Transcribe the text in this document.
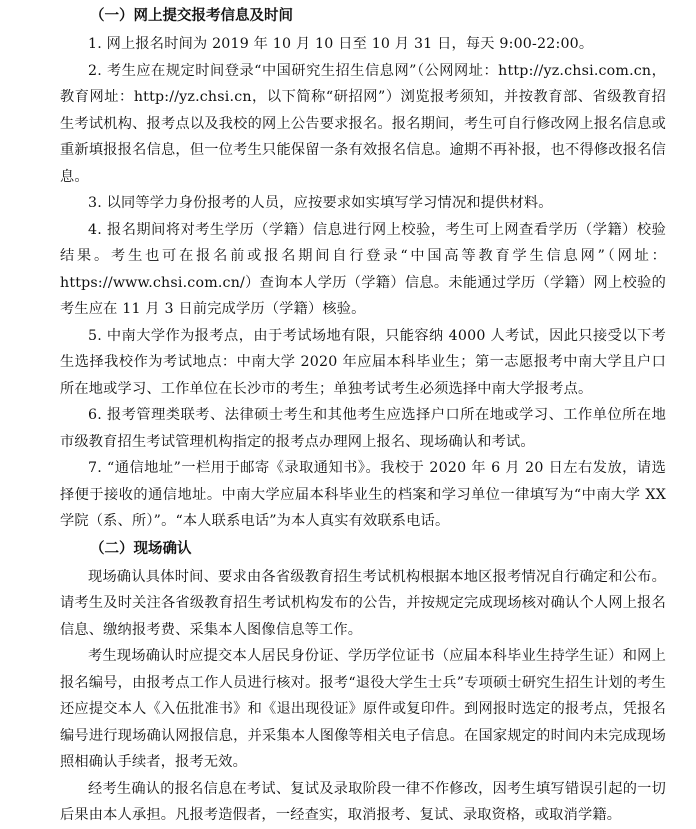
（一）网上提交报考信息及时间

1. 网上报名时间为 2019 年 10 月 10 日至 10 月 31 日，每天 9:00-22:00。

2. 考生应在规定时间登录“中国研究生招生信息网”（公网网址：http://yz.chsi.com.cn，教育网址：http://yz.chsi.cn，以下简称“研招网”）浏览报考须知，并按教育部、省级教育招生考试机构、报考点以及我校的网上公告要求报名。报名期间，考生可自行修改网上报名信息或重新填报报名信息，但一位考生只能保留一条有效报名信息。逾期不再补报，也不得修改报名信息。

3. 以同等学力身份报考的人员，应按要求如实填写学习情况和提供材料。

4. 报名期间将对考生学历（学籍）信息进行网上校验，考生可上网查看学历（学籍）校验结果。考生也可在报名前或报名期间自行登录“中国高等教育学生信息网”（网址：https://www.chsi.com.cn/）查询本人学历（学籍）信息。未能通过学历（学籍）网上校验的考生应在 11 月 3 日前完成学历（学籍）核验。

5. 中南大学作为报考点，由于考试场地有限，只能容纳 4000 人考试，因此只接受以下考生选择我校作为考试地点：中南大学 2020 年应届本科毕业生；第一志愿报考中南大学且户口所在地或学习、工作单位在长沙市的考生；单独考试考生必须选择中南大学报考点。

6. 报考管理类联考、法律硕士考生和其他考生应选择户口所在地或学习、工作单位所在地市级教育招生考试管理机构指定的报考点办理网上报名、现场确认和考试。

7. “通信地址”一栏用于邮寄《录取通知书》。我校于 2020 年 6 月 20 日左右发放，请选择便于接收的通信地址。中南大学应届本科毕业生的档案和学习单位一律填写为“中南大学 XX 学院（系、所）”。“本人联系电话”为本人真实有效联系电话。

（二）现场确认

现场确认具体时间、要求由各省级教育招生考试机构根据本地区报考情况自行确定和公布。请考生及时关注各省级教育招生考试机构发布的公告，并按规定完成现场核对确认个人网上报名信息、缴纳报考费、采集本人图像信息等工作。

考生现场确认时应提交本人居民身份证、学历学位证书（应届本科毕业生持学生证）和网上报名编号，由报考点工作人员进行核对。报考“退役大学生士兵”专项硕士研究生招生计划的考生还应提交本人《入伍批准书》和《退出现役证》原件或复印件。到网报时选定的报考点，凭报名编号进行现场确认网报信息，并采集本人图像等相关电子信息。在国家规定的时间内未完成现场照相确认手续者，报考无效。

经考生确认的报名信息在考试、复试及录取阶段一律不作修改，因考生填写错误引起的一切后果由本人承担。凡报考造假者，一经查实，取消报考、复试、录取资格，或取消学籍。
